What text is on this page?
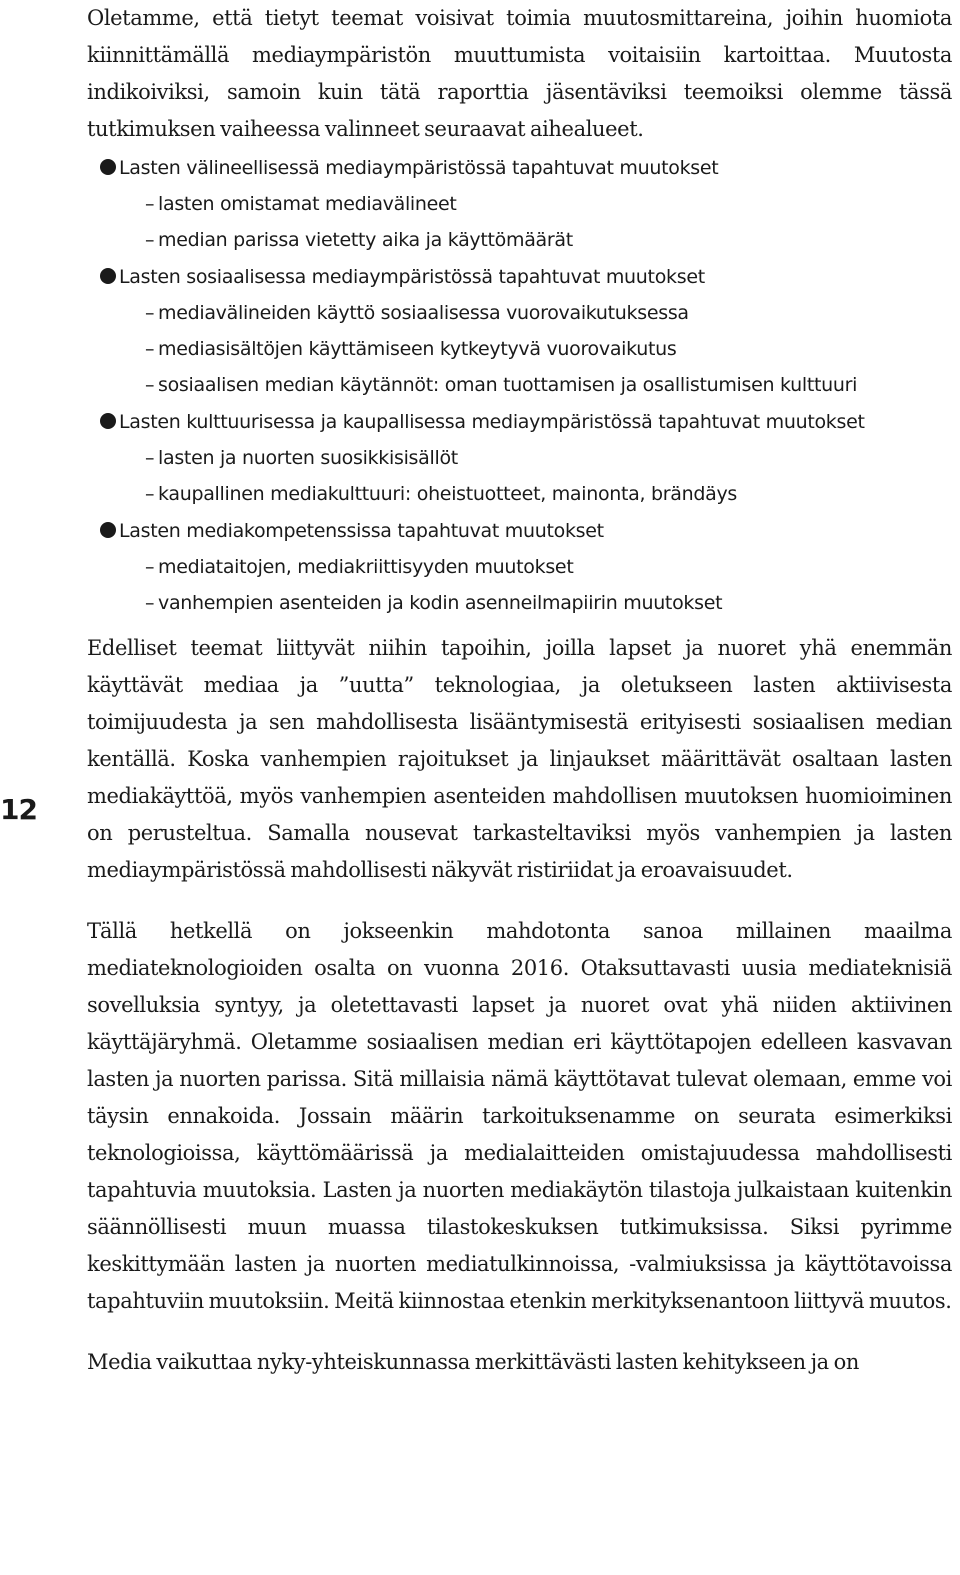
12

Oletamme, että tietyt teemat voisivat toimia muutosmittareina, joihin huomiota kiinnittämällä mediaympäristön muuttumista voitaisiin kartoittaa. Muutosta indikoiviksi, samoin kuin tätä raporttia jäsentäviksi teemoiksi olemme tässä tutkimuksen vaiheessa valinneet seuraavat aihealueet.

Lasten välineellisessä mediaympäristössä tapahtuvat muutokset
– lasten omistamat mediavälineet
– median parissa vietetty aika ja käyttömäärät
Lasten sosiaalisessa mediaympäristössä tapahtuvat muutokset
– mediavälineiden käyttö sosiaalisessa vuorovaikutuksessa
– mediasisältöjen käyttämiseen kytkeytyvä vuorovaikutus
– sosiaalisen median käytännöt: oman tuottamisen ja osallistumisen kulttuuri
Lasten kulttuurisessa ja kaupallisessa mediaympäristössä tapahtuvat muutokset
– lasten ja nuorten suosikkisisällöt
– kaupallinen mediakulttuuri: oheistuotteet, mainonta, brändäys
Lasten mediakompetenssissa tapahtuvat muutokset
– mediataitojen, mediakriittisyyden muutokset
– vanhempien asenteiden ja kodin asenneilmapiirin muutokset

Edelliset teemat liittyvät niihin tapoihin, joilla lapset ja nuoret yhä enemmän käyttävät mediaa ja ”uutta” teknologiaa, ja oletukseen lasten aktiivisesta toimijuudesta ja sen mahdollisesta lisääntymisestä erityisesti sosiaalisen median kentällä. Koska vanhempien rajoitukset ja linjaukset määrittävät osaltaan lasten mediakäyttöä, myös vanhempien asenteiden mahdollisen muutoksen huomioiminen on perusteltua. Samalla nousevat tarkasteltaviksi myös vanhempien ja lasten mediaympäristössä mahdollisesti näkyvät ristiriidat ja eroavaisuudet.

Tällä hetkellä on jokseenkin mahdotonta sanoa millainen maailma mediateknologioiden osalta on vuonna 2016. Otaksuttavasti uusia mediateknisiä sovelluksia syntyy, ja oletettavasti lapset ja nuoret ovat yhä niiden aktiivinen käyttäjäryhmä. Oletamme sosiaalisen median eri käyttötapojen edelleen kasvavan lasten ja nuorten parissa. Sitä millaisia nämä käyttötavat tulevat olemaan, emme voi täysin ennakoida. Jossain määrin tarkoituksenamme on seurata esimerkiksi teknologioissa, käyttömäärissä ja medialaitteiden omistajuudessa mahdollisesti tapahtuvia muutoksia. Lasten ja nuorten mediakäytön tilastoja julkaistaan kuitenkin säännöllisesti muun muassa tilastokeskuksen tutkimuksissa. Siksi pyrimme keskittymään lasten ja nuorten mediatulkinnoissa, -valmiuksissa ja käyttötavoissa tapahtuviin muutoksiin. Meitä kiinnostaa etenkin merkityksenantoon liittyvä muutos.

Media vaikuttaa nyky-yhteiskunnassa merkittävästi lasten kehitykseen ja on
